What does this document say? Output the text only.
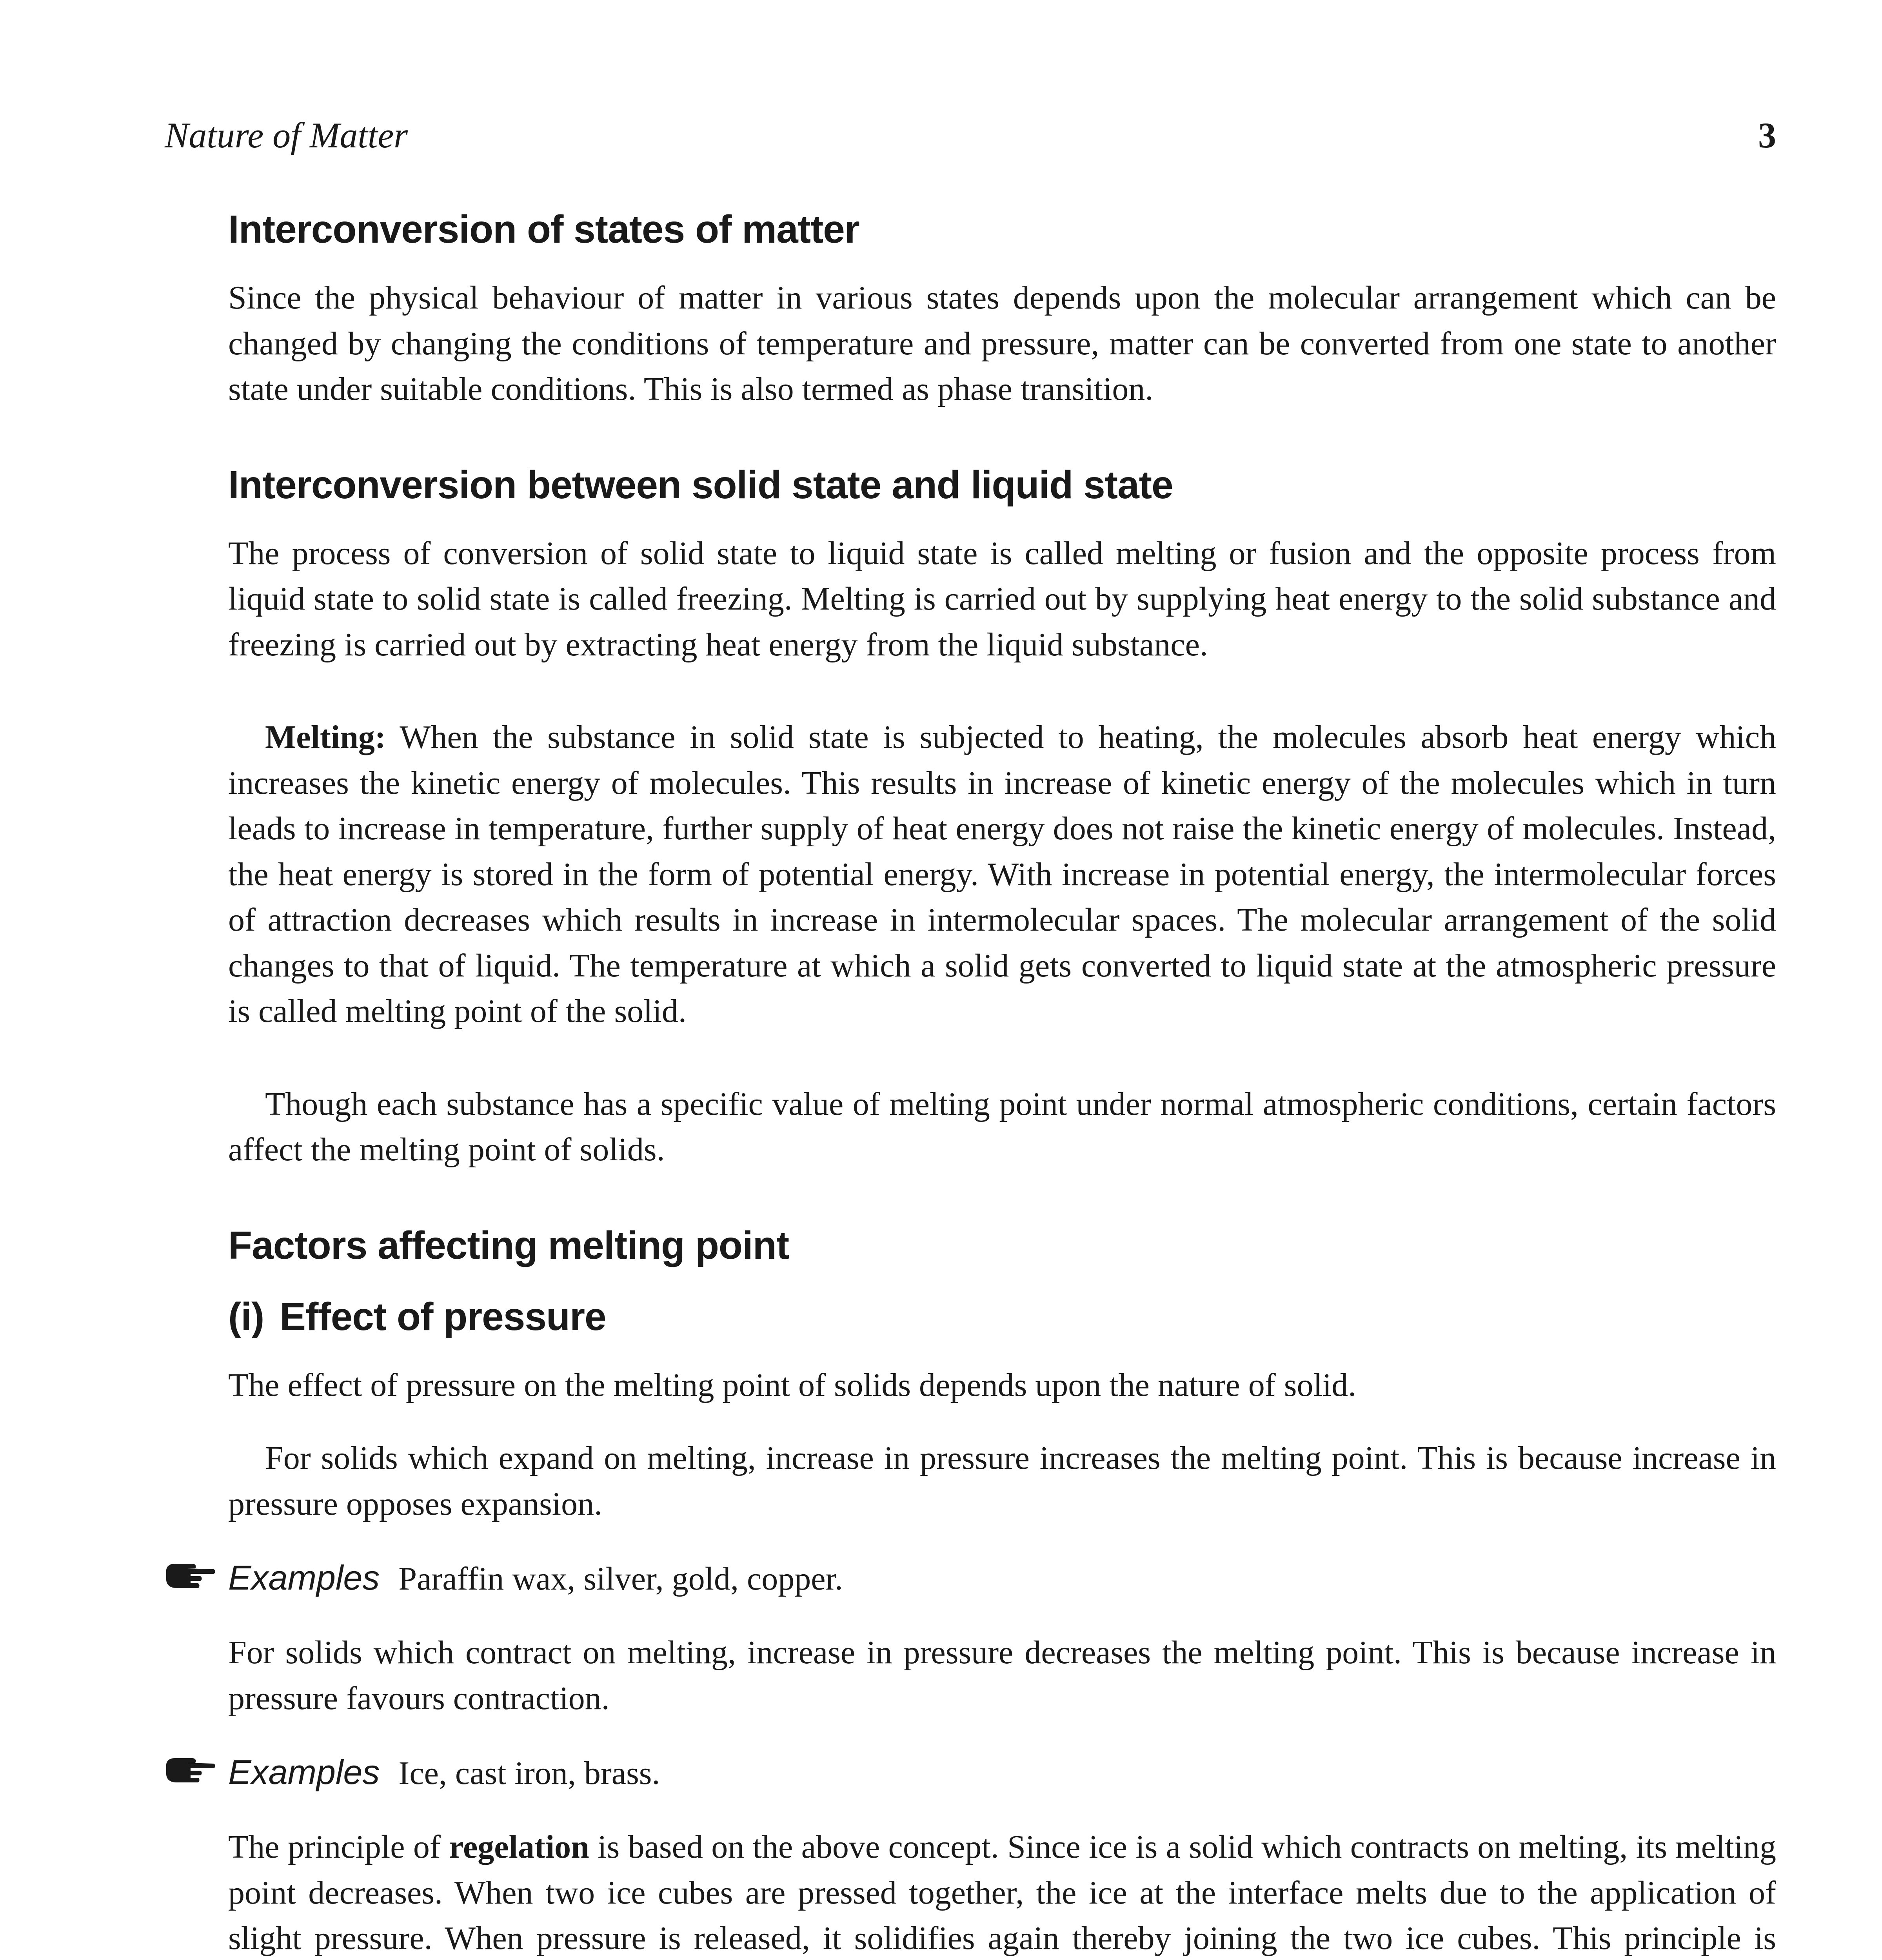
Nature of Matter	3
Interconversion of states of matter

Since the physical behaviour of matter in various states depends upon the molecular arrangement which can be changed by changing the conditions of temperature and pressure, matter can be converted from one state to another state under suitable conditions. This is also termed as phase transition.

Interconversion between solid state and liquid state

The process of conversion of solid state to liquid state is called melting or fusion and the opposite process from liquid state to solid state is called freezing. Melting is carried out by supplying heat energy to the solid substance and freezing is carried out by extracting heat energy from the liquid substance.

Melting: When the substance in solid state is subjected to heating, the molecules absorb heat energy which increases the kinetic energy of molecules. This results in increase of kinetic energy of the molecules which in turn leads to increase in temperature, further supply of heat energy does not raise the kinetic energy of molecules. Instead, the heat energy is stored in the form of potential energy. With increase in potential energy, the intermolecular forces of attraction decreases which results in increase in intermolecular spaces. The molecular arrangement of the solid changes to that of liquid. The temperature at which a solid gets converted to liquid state at the atmospheric pressure is called melting point of the solid.

Though each substance has a specific value of melting point under normal atmospheric conditions, certain factors affect the melting point of solids.

Factors affecting melting point
(i) Effect of pressure

The effect of pressure on the melting point of solids depends upon the nature of solid.

For solids which expand on melting, increase in pressure increases the melting point. This is because increase in pressure opposes expansion.

Examples Paraffin wax, silver, gold, copper.

For solids which contract on melting, increase in pressure decreases the melting point. This is because increase in pressure favours contraction.

Examples Ice, cast iron, brass.

The principle of regelation is based on the above concept. Since ice is a solid which contracts on melting, its melting point decreases. When two ice cubes are pressed together, the ice at the interface melts due to the application of slight pressure. When pressure is released, it solidifies again thereby joining the two ice cubes. This principle is
